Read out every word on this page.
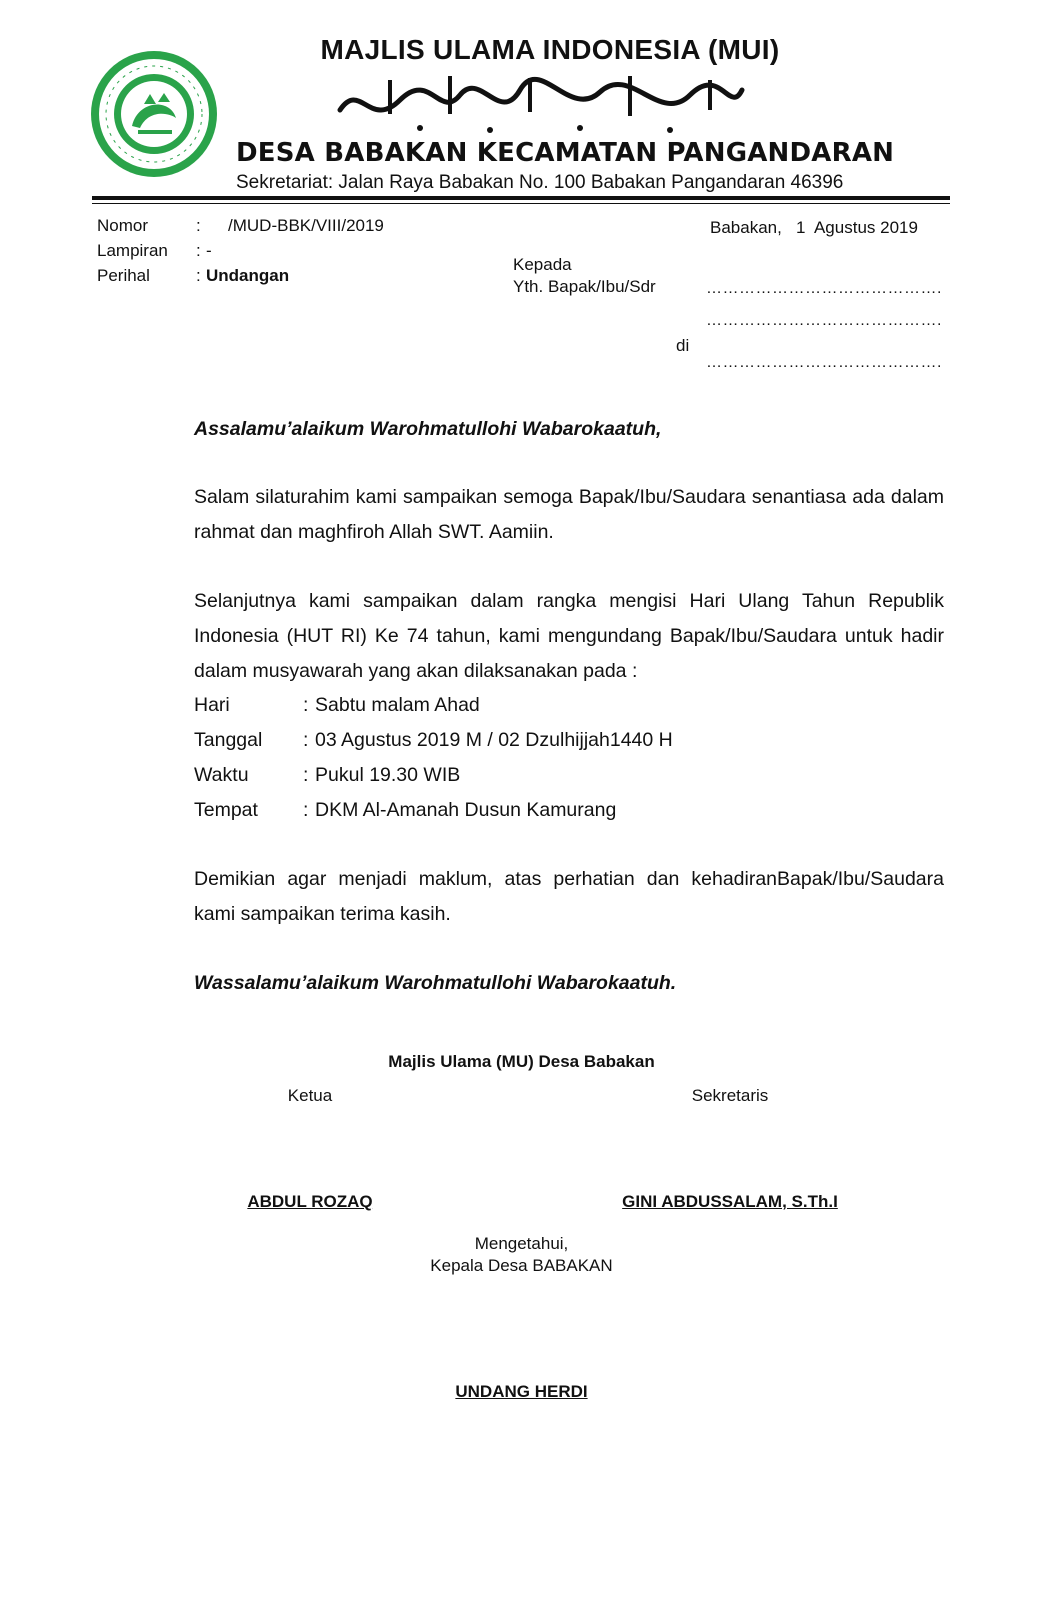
MAJLIS ULAMA INDONESIA (MUI)
DESA BABAKAN KECAMATAN PANGANDARAN
Sekretariat: Jalan Raya Babakan No. 100 Babakan Pangandaran 46396
Nomor	: /MUD-BBK/VIII/2019
Lampiran : -
Perihal	: Undangan
Babakan,   1  Agustus 2019
Kepada
Yth. Bapak/Ibu/Sdr	…………………………………….
…………………………………….
di
…………………………………….
Assalamu’alaikum Warohmatullohi Wabarokaatuh,
Salam silaturahim kami sampaikan semoga Bapak/Ibu/Saudara senantiasa ada dalam rahmat dan maghfiroh Allah SWT. Aamiin.
Selanjutnya kami sampaikan dalam rangka mengisi Hari Ulang Tahun Republik Indonesia (HUT RI) Ke 74 tahun, kami mengundang Bapak/Ibu/Saudara untuk hadir dalam musyawarah yang akan dilaksanakan pada :
Hari	: Sabtu malam Ahad
Tanggal : 03 Agustus 2019 M / 02 Dzulhijjah1440 H
Waktu	: Pukul 19.30 WIB
Tempat : DKM Al-Amanah Dusun Kamurang
Demikian agar menjadi maklum, atas perhatian dan kehadiranBapak/Ibu/Saudara kami sampaikan terima kasih.
Wassalamu’alaikum Warohmatullohi Wabarokaatuh.
Majlis Ulama (MU) Desa Babakan
Ketua	Sekretaris
ABDUL ROZAQ	GINI ABDUSSALAM, S.Th.I
Mengetahui,
Kepala Desa BABAKAN
UNDANG HERDI
